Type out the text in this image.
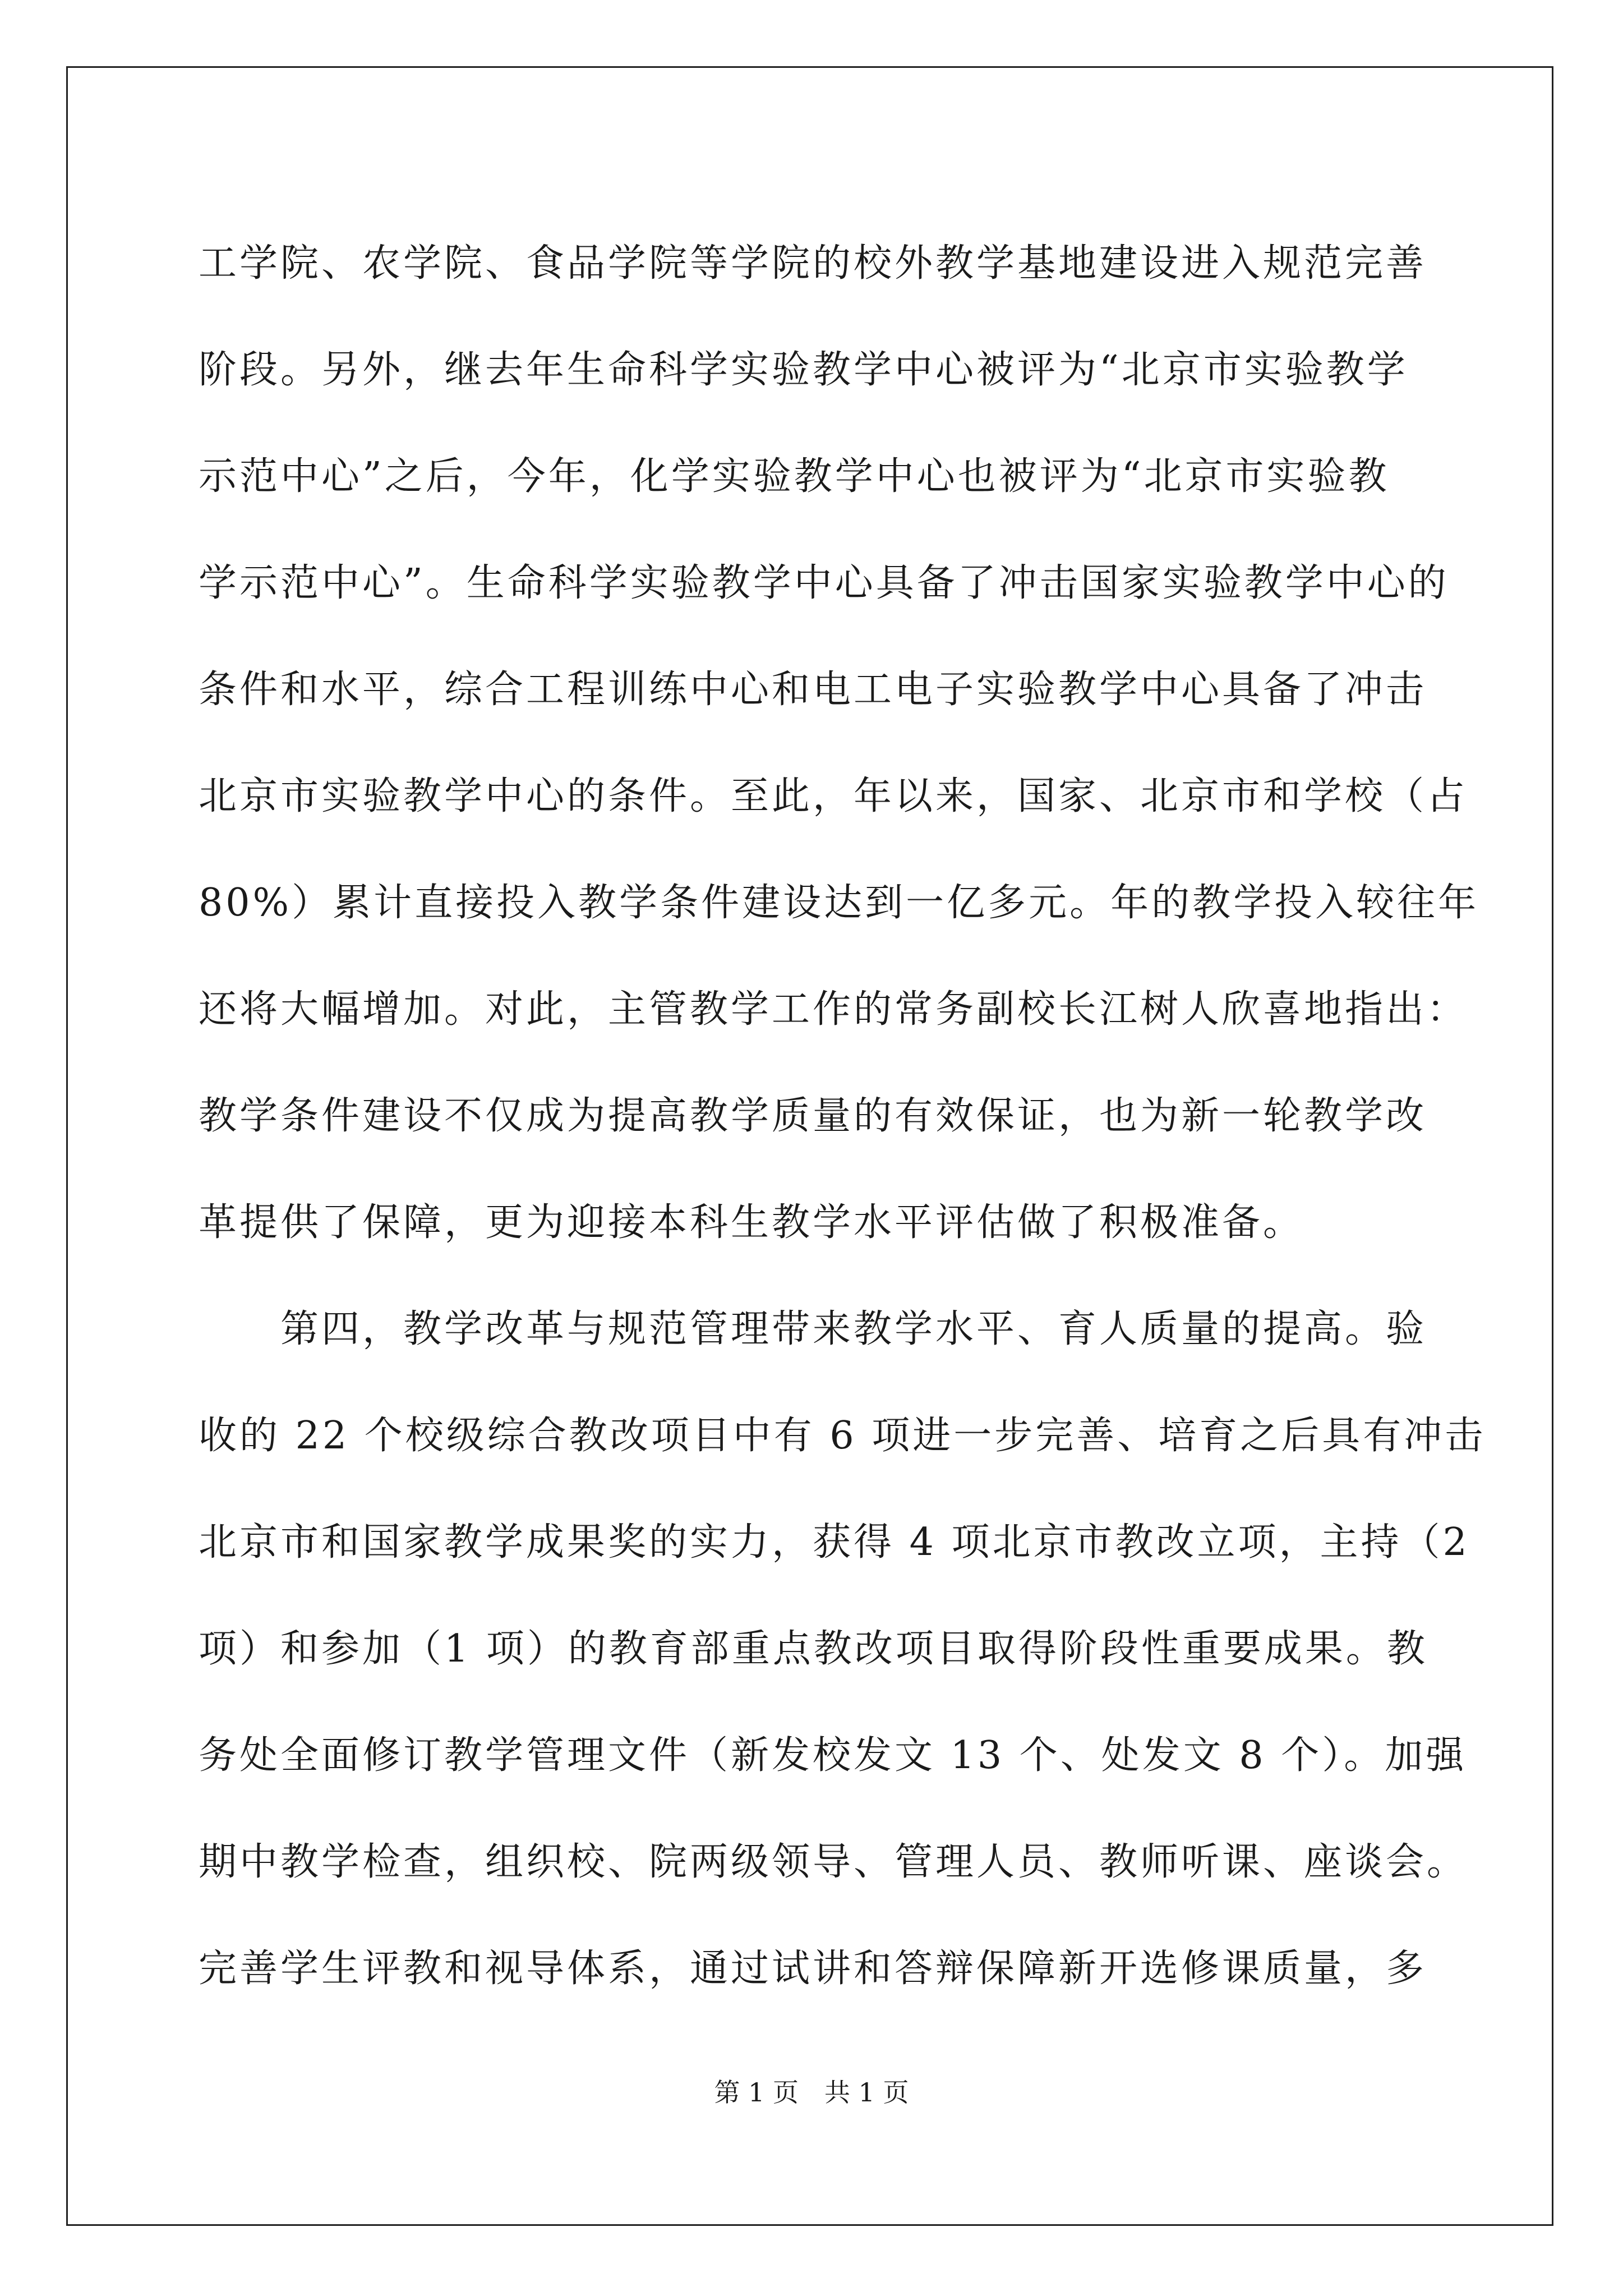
工学院、农学院、食品学院等学院的校外教学基地建设进入规范完善
阶段。另外，继去年生命科学实验教学中心被评为“北京市实验教学
示范中心”之后，今年，化学实验教学中心也被评为“北京市实验教
学示范中心”。生命科学实验教学中心具备了冲击国家实验教学中心的
条件和水平，综合工程训练中心和电工电子实验教学中心具备了冲击
北京市实验教学中心的条件。至此，年以来，国家、北京市和学校（占
80%）累计直接投入教学条件建设达到一亿多元。年的教学投入较往年
还将大幅增加。对此，主管教学工作的常务副校长江树人欣喜地指出：
教学条件建设不仅成为提高教学质量的有效保证，也为新一轮教学改
革提供了保障，更为迎接本科生教学水平评估做了积极准备。
　　第四，教学改革与规范管理带来教学水平、育人质量的提高。验
收的 22 个校级综合教改项目中有 6 项进一步完善、培育之后具有冲击
北京市和国家教学成果奖的实力，获得 4 项北京市教改立项，主持（2
项）和参加（1 项）的教育部重点教改项目取得阶段性重要成果。教
务处全面修订教学管理文件（新发校发文 13 个、处发文 8 个）。加强
期中教学检查，组织校、院两级领导、管理人员、教师听课、座谈会。
完善学生评教和视导体系，通过试讲和答辩保障新开选修课质量，多
第 1 页　共 1 页
